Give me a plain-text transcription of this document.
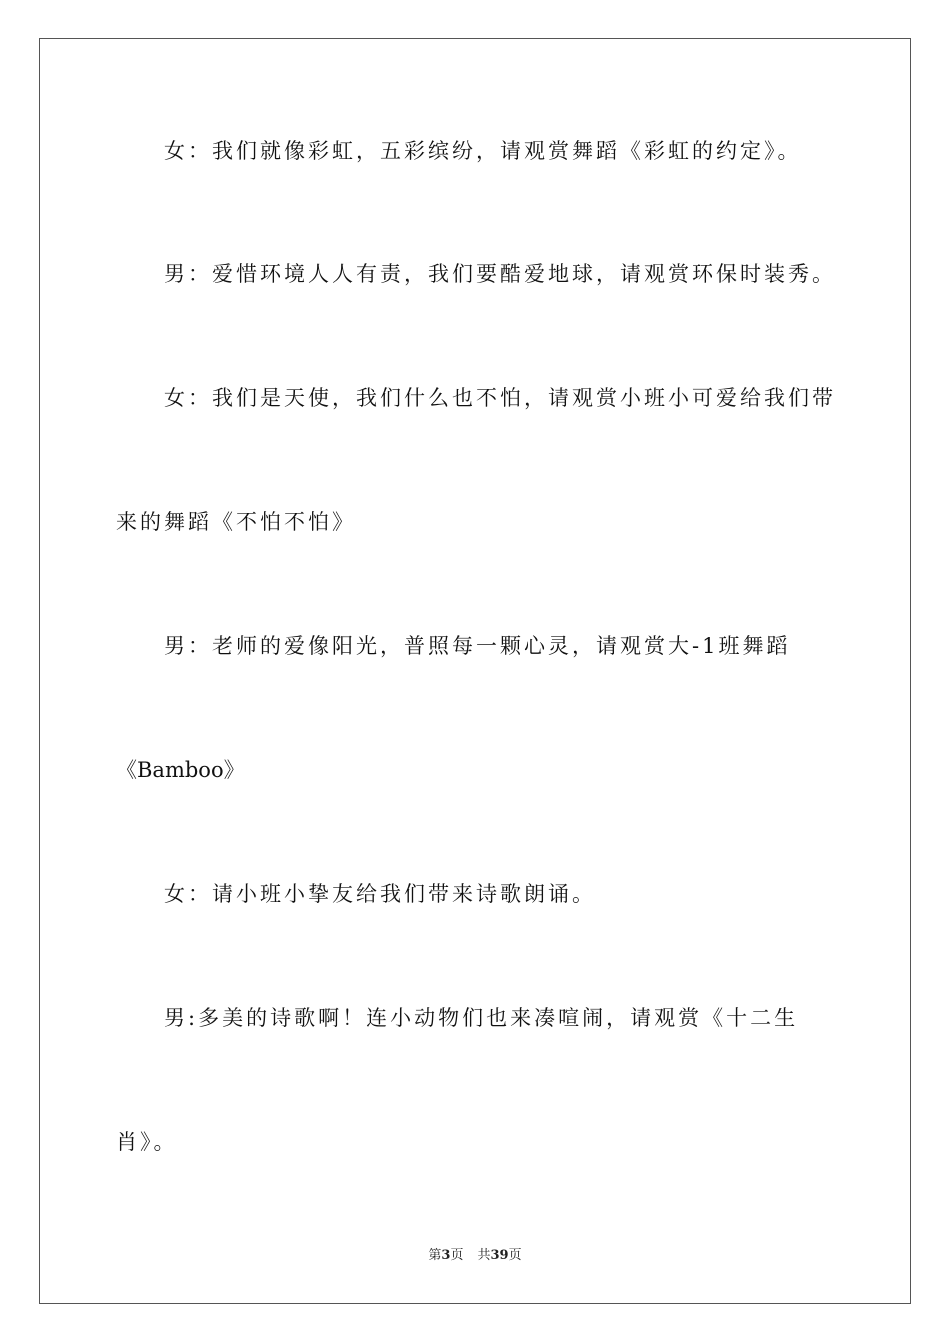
女：我们就像彩虹，五彩缤纷，请观赏舞蹈《彩虹的约定》。
男：爱惜环境人人有责，我们要酷爱地球，请观赏环保时装秀。
女：我们是天使，我们什么也不怕，请观赏小班小可爱给我们带
来的舞蹈《不怕不怕》
男：老师的爱像阳光，普照每一颗心灵，请观赏大-1班舞蹈
《Bamboo》
女：请小班小挚友给我们带来诗歌朗诵。
男:多美的诗歌啊！连小动物们也来凑喧闹，请观赏《十二生
肖》。
第3页 共39页
